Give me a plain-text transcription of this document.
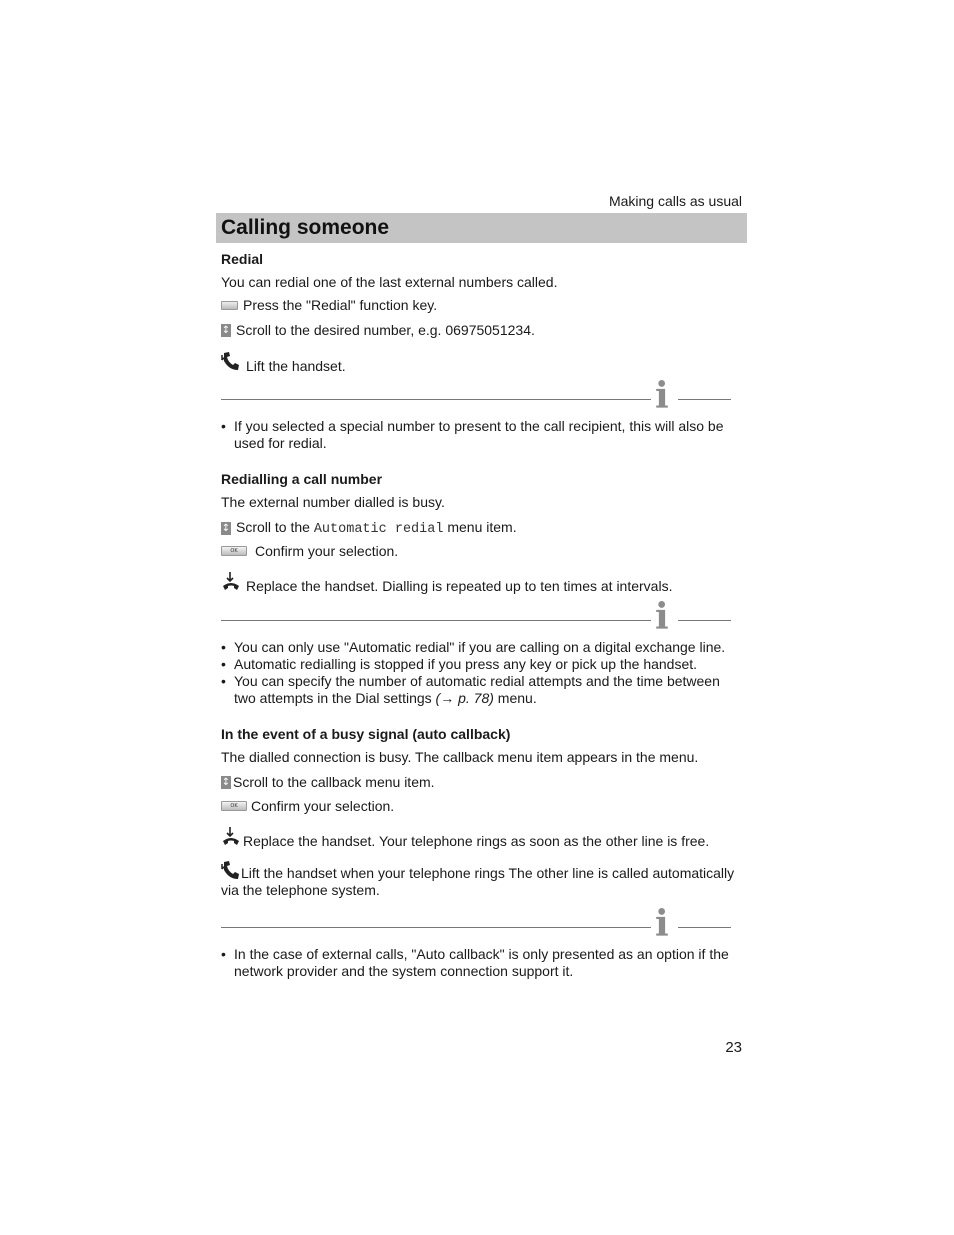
Making calls as usual
Calling someone
Redial
You can redial one of the last external numbers called.
Press the "Redial" function key.
↕ Scroll to the desired number, e.g. 06975051234.
Lift the handset.
i
• If you selected a special number to present to the call recipient, this will also be used for redial.
Redialling a call number
The external number dialled is busy.
↕ Scroll to the Automatic redial menu item.
OK	Confirm your selection.
Replace the handset. Dialling is repeated up to ten times at intervals.
i
• You can only use "Automatic redial" if you are calling on a digital exchange line.
• Automatic redialling is stopped if you press any key or pick up the handset.
• You can specify the number of automatic redial attempts and the time between two attempts in the Dial settings (→ p. 78) menu.
In the event of a busy signal (auto callback)
The dialled connection is busy. The callback menu item appears in the menu.
↕ Scroll to the callback menu item.
OK Confirm your selection.
Replace the handset. Your telephone rings as soon as the other line is free.
Lift the handset when your telephone rings The other line is called automatically via the telephone system.
i
• In the case of external calls, "Auto callback" is only presented as an option if the network provider and the system connection support it.
23
